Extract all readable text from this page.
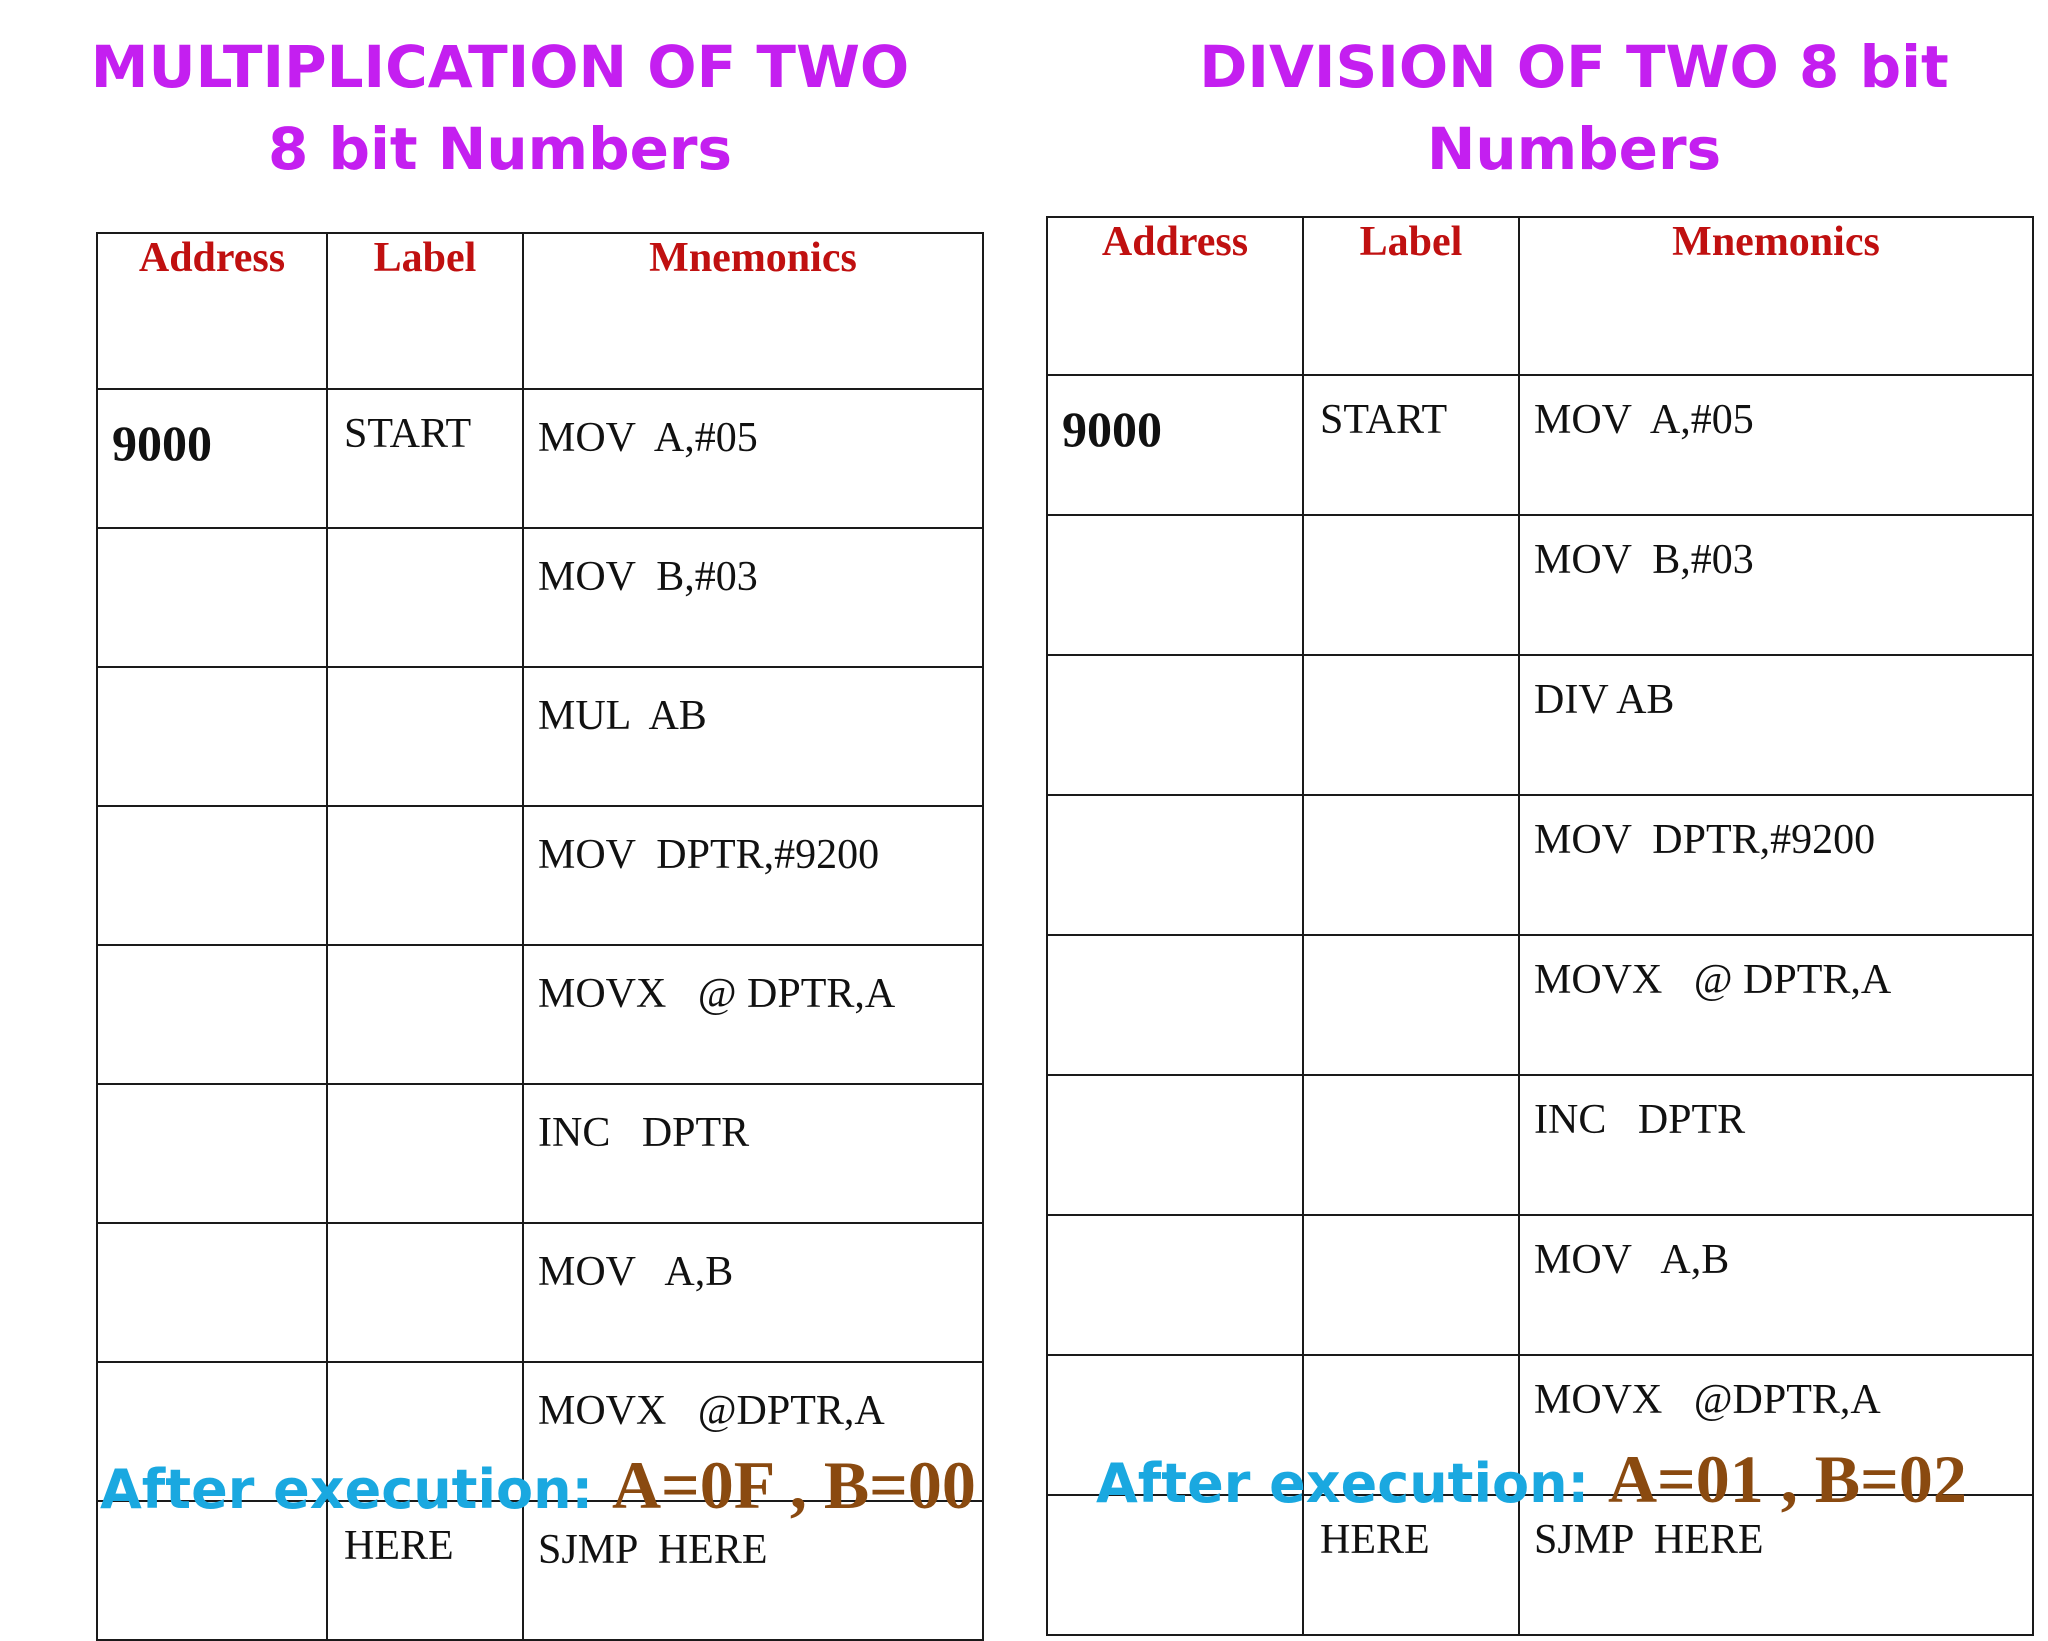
MULTIPLICATION OF TWO
8 bit Numbers
Address	Label	Mnemonics
9000	START	MOV  A,#05
		MOV  B,#03
		MUL  AB
		MOV  DPTR,#9200
		MOVX   @ DPTR,A
		INC   DPTR
		MOV   A,B
		MOVX   @DPTR,A
	HERE	SJMP  HERE

After execution: A=0F , B=00

DIVISION OF TWO 8 bit
Numbers
Address	Label	Mnemonics
9000	START	MOV  A,#05
		MOV  B,#03
		DIV AB
		MOV  DPTR,#9200
		MOVX   @ DPTR,A
		INC   DPTR
		MOV   A,B
		MOVX   @DPTR,A
	HERE	SJMP  HERE

After execution: A=01 , B=02
